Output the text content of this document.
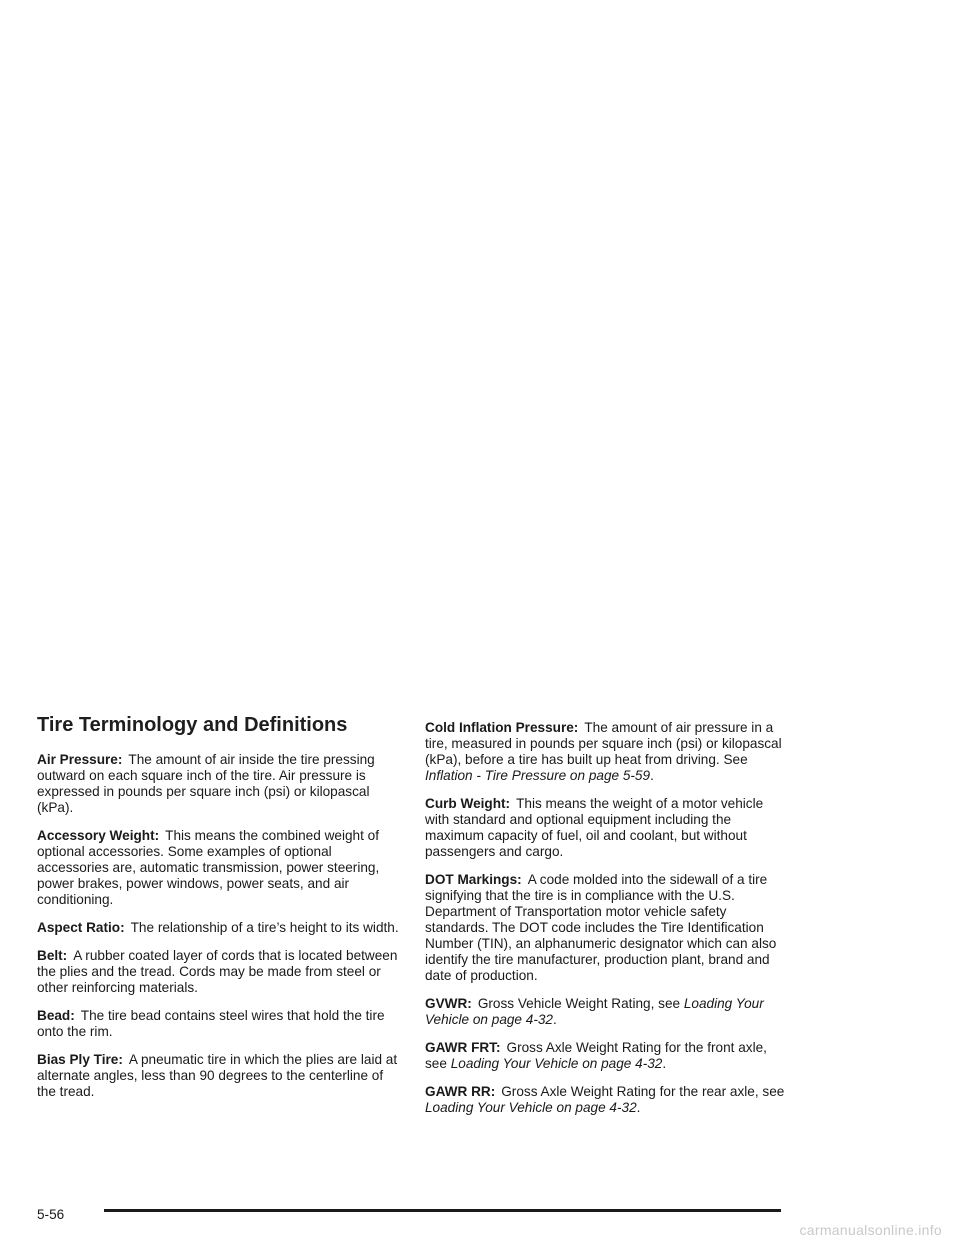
Tire Terminology and Definitions

Air Pressure: The amount of air inside the tire pressing outward on each square inch of the tire. Air pressure is expressed in pounds per square inch (psi) or kilopascal (kPa).

Accessory Weight: This means the combined weight of optional accessories. Some examples of optional accessories are, automatic transmission, power steering, power brakes, power windows, power seats, and air conditioning.

Aspect Ratio: The relationship of a tire’s height to its width.

Belt: A rubber coated layer of cords that is located between the plies and the tread. Cords may be made from steel or other reinforcing materials.

Bead: The tire bead contains steel wires that hold the tire onto the rim.

Bias Ply Tire: A pneumatic tire in which the plies are laid at alternate angles, less than 90 degrees to the centerline of the tread.

Cold Inflation Pressure: The amount of air pressure in a tire, measured in pounds per square inch (psi) or kilopascal (kPa), before a tire has built up heat from driving. See Inflation - Tire Pressure on page 5-59.

Curb Weight: This means the weight of a motor vehicle with standard and optional equipment including the maximum capacity of fuel, oil and coolant, but without passengers and cargo.

DOT Markings: A code molded into the sidewall of a tire signifying that the tire is in compliance with the U.S. Department of Transportation motor vehicle safety standards. The DOT code includes the Tire Identification Number (TIN), an alphanumeric designator which can also identify the tire manufacturer, production plant, brand and date of production.

GVWR: Gross Vehicle Weight Rating, see Loading Your Vehicle on page 4-32.

GAWR FRT: Gross Axle Weight Rating for the front axle, see Loading Your Vehicle on page 4-32.

GAWR RR: Gross Axle Weight Rating for the rear axle, see Loading Your Vehicle on page 4-32.

5-56
carmanualsonline.info
